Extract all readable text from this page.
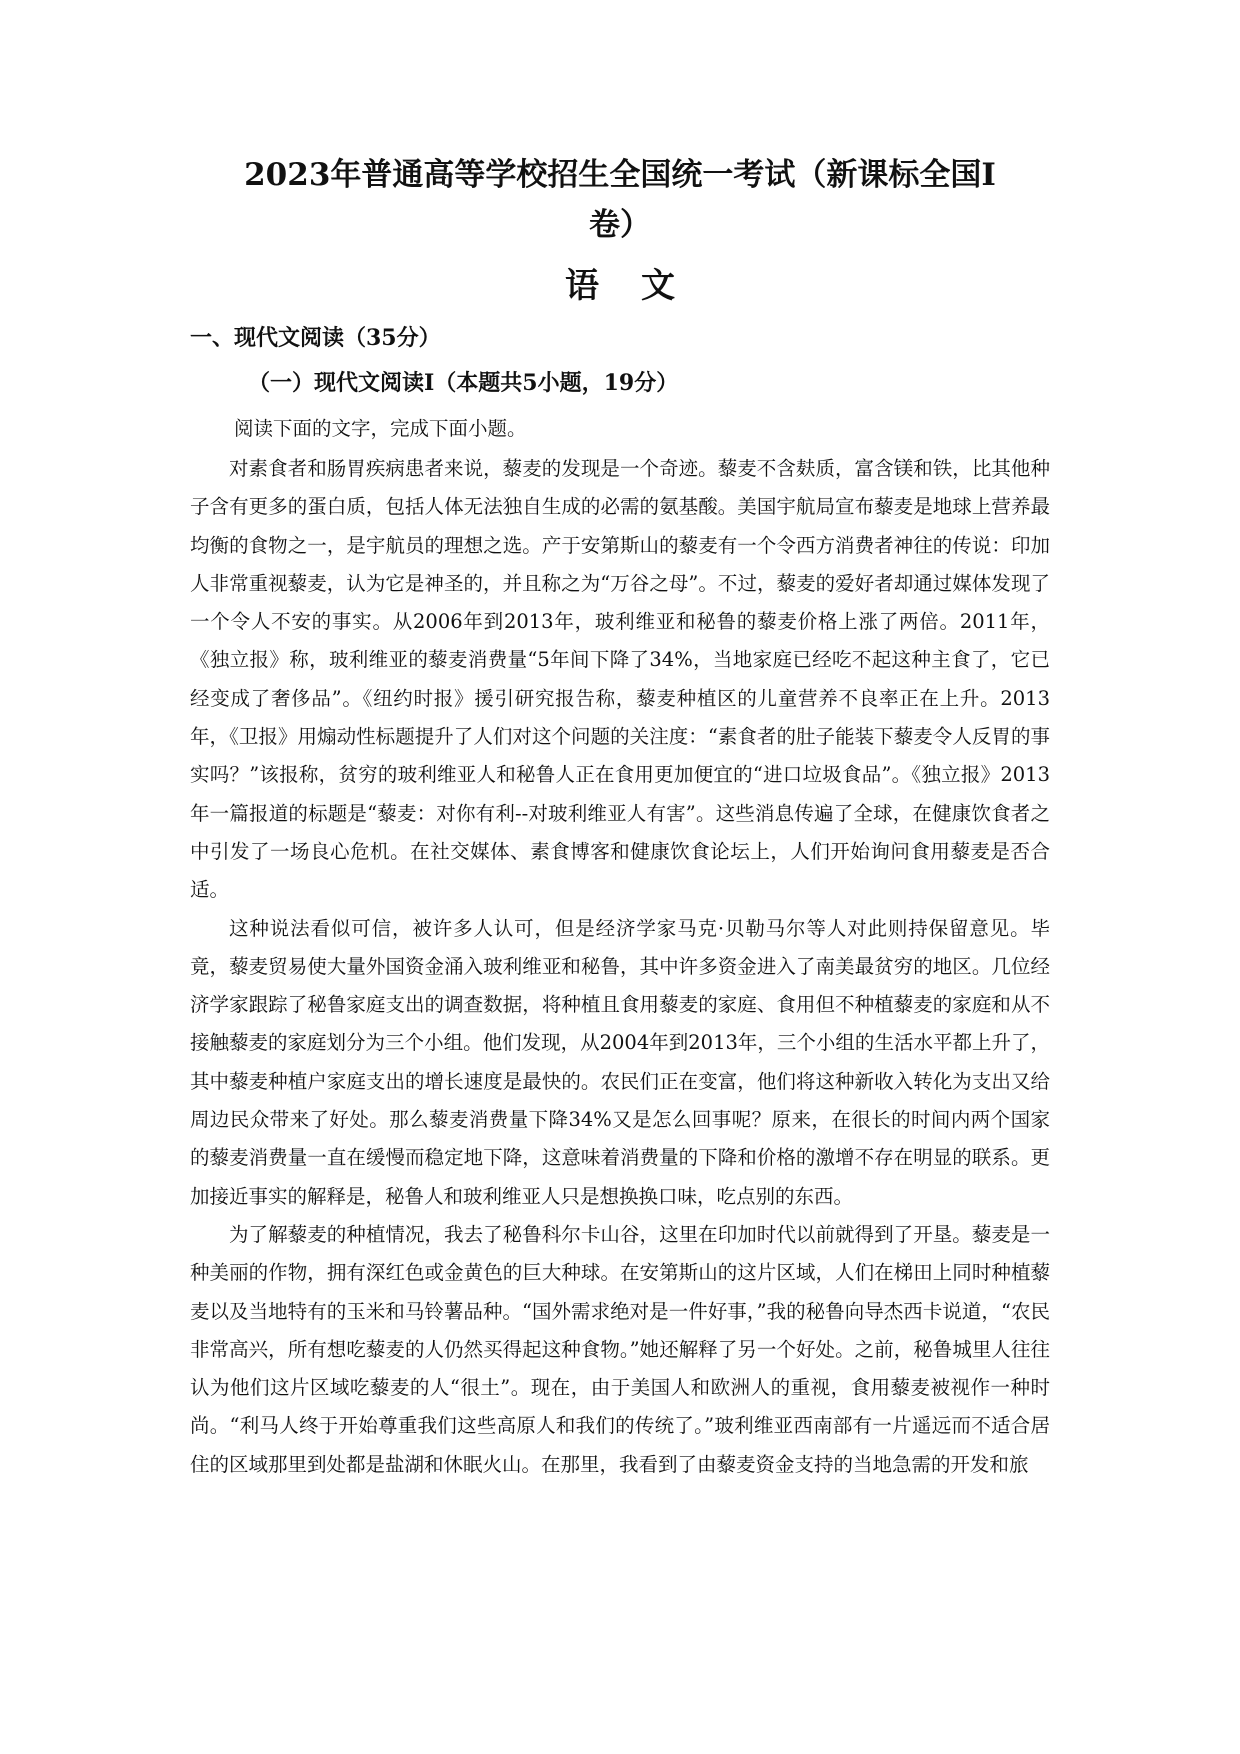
2023年普通高等学校招生全国统一考试（新课标全国Ⅰ
卷）
语文
一、现代文阅读（35分）
（一）现代文阅读Ⅰ（本题共5小题，19分）

阅读下面的文字，完成下面小题。

对素食者和肠胃疾病患者来说，藜麦的发现是一个奇迹。藜麦不含麸质，富含镁和铁，比其他种子含有更多的蛋白质，包括人体无法独自生成的必需的氨基酸。美国宇航局宣布藜麦是地球上营养最均衡的食物之一，是宇航员的理想之选。产于安第斯山的藜麦有一个令西方消费者神往的传说：印加人非常重视藜麦，认为它是神圣的，并且称之为“万谷之母”。不过，藜麦的爱好者却通过媒体发现了一个令人不安的事实。从2006年到2013年，玻利维亚和秘鲁的藜麦价格上涨了两倍。2011年，《独立报》称，玻利维亚的藜麦消费量“5年间下降了34%，当地家庭已经吃不起这种主食了，它已经变成了奢侈品”。《纽约时报》援引研究报告称，藜麦种植区的儿童营养不良率正在上升。2013年，《卫报》用煽动性标题提升了人们对这个问题的关注度：“素食者的肚子能装下藜麦令人反胃的事实吗？”该报称，贫穷的玻利维亚人和秘鲁人正在食用更加便宜的“进口垃圾食品”。《独立报》2013年一篇报道的标题是“藜麦：对你有利--对玻利维亚人有害”。这些消息传遍了全球，在健康饮食者之中引发了一场良心危机。在社交媒体、素食博客和健康饮食论坛上，人们开始询问食用藜麦是否合适。

这种说法看似可信，被许多人认可，但是经济学家马克·贝勒马尔等人对此则持保留意见。毕竟，藜麦贸易使大量外国资金涌入玻利维亚和秘鲁，其中许多资金进入了南美最贫穷的地区。几位经济学家跟踪了秘鲁家庭支出的调查数据，将种植且食用藜麦的家庭、食用但不种植藜麦的家庭和从不接触藜麦的家庭划分为三个小组。他们发现，从2004年到2013年，三个小组的生活水平都上升了，其中藜麦种植户家庭支出的增长速度是最快的。农民们正在变富，他们将这种新收入转化为支出又给周边民众带来了好处。那么藜麦消费量下降34%又是怎么回事呢？原来，在很长的时间内两个国家的藜麦消费量一直在缓慢而稳定地下降，这意味着消费量的下降和价格的激增不存在明显的联系。更加接近事实的解释是，秘鲁人和玻利维亚人只是想换换口味，吃点别的东西。

为了解藜麦的种植情况，我去了秘鲁科尔卡山谷，这里在印加时代以前就得到了开垦。藜麦是一种美丽的作物，拥有深红色或金黄色的巨大种球。在安第斯山的这片区域，人们在梯田上同时种植藜麦以及当地特有的玉米和马铃薯品种。“国外需求绝对是一件好事，”我的秘鲁向导杰西卡说道，“农民非常高兴，所有想吃藜麦的人仍然买得起这种食物。”她还解释了另一个好处。之前，秘鲁城里人往往认为他们这片区域吃藜麦的人“很土”。现在，由于美国人和欧洲人的重视，食用藜麦被视作一种时尚。“利马人终于开始尊重我们这些高原人和我们的传统了。”玻利维亚西南部有一片遥远而不适合居住的区域那里到处都是盐湖和休眠火山。在那里，我看到了由藜麦资金支持的当地急需的开发和旅
